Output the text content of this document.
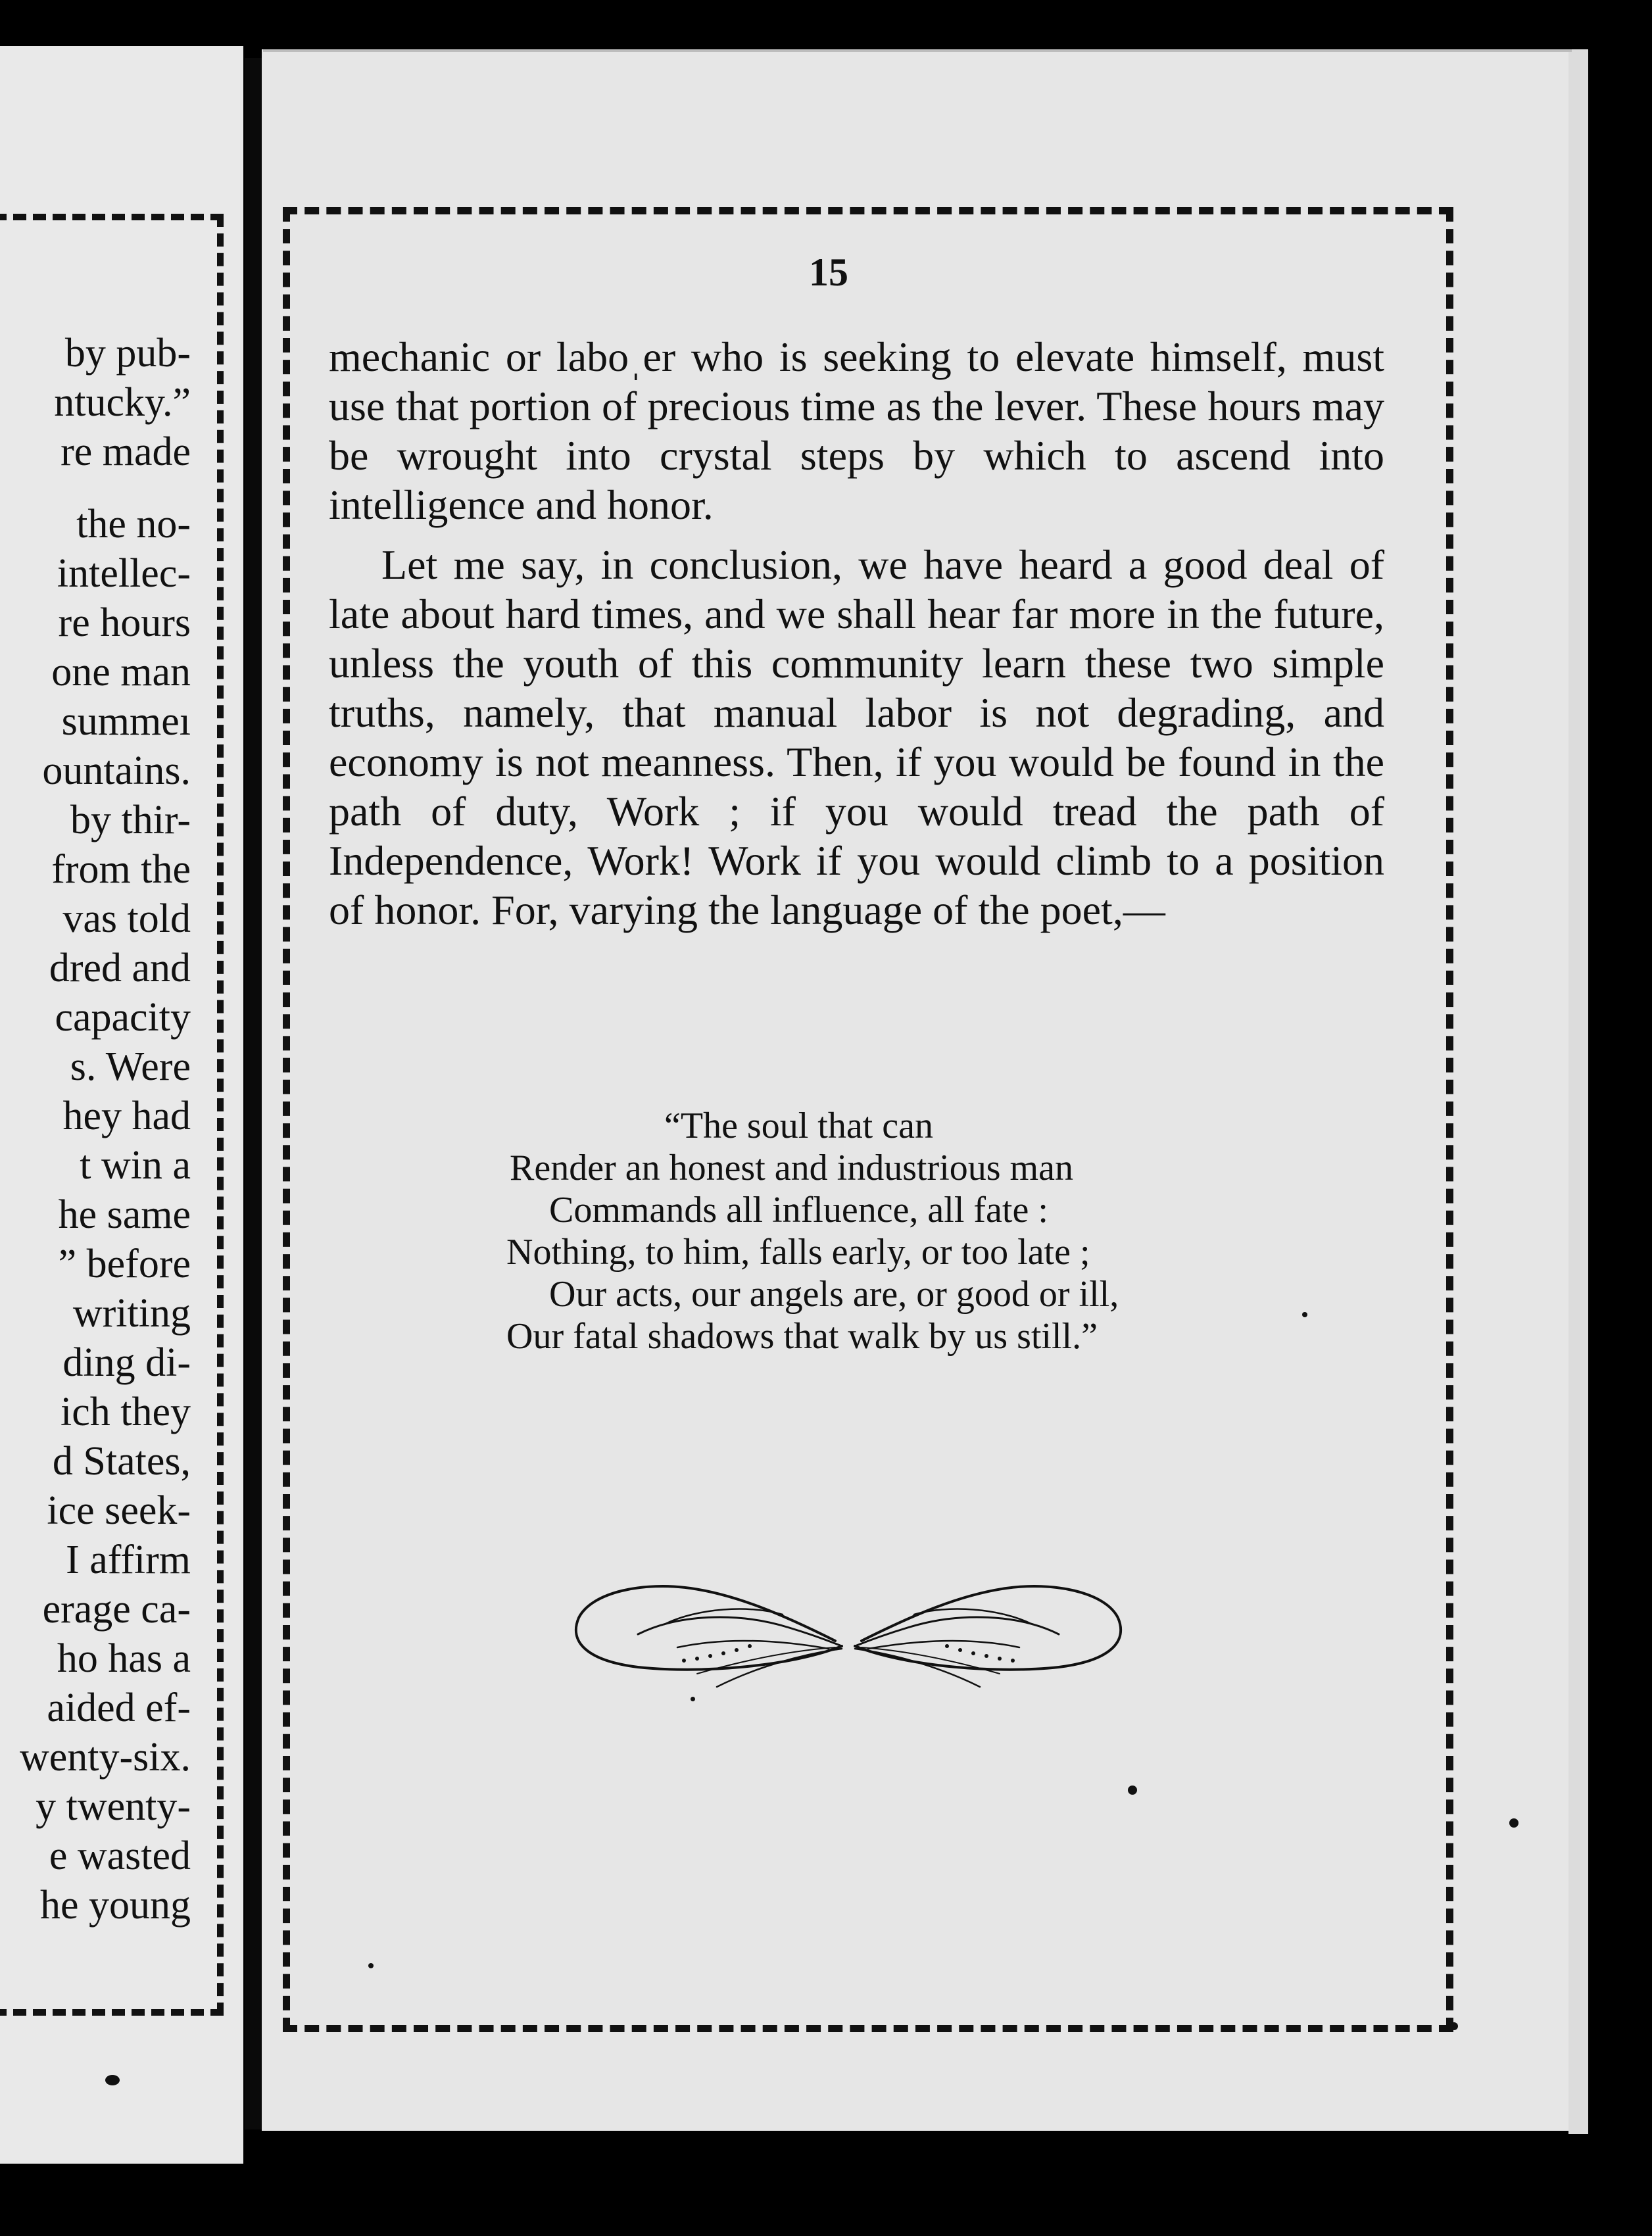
by pub-
ntucky.”
re made
the no-
intellec-
re hours
one man
summeı
ountains.
by thir-
from the
vas told
dred and
capacity
s. Were
hey had
t win a
he same
” before
writing
ding di-
ich they
d States,
ice seek-
I affirm
erage ca-
ho has a
aided ef-
wenty-six.
y twenty-
e wasted
he young
15

mechanic or laboˌer who is seeking to elevate himself, must use that portion of precious time as the lever. These hours may be wrought into crystal steps by which to ascend into intelligence and honor.

Let me say, in conclusion, we have heard a good deal of late about hard times, and we shall hear far more in the future, unless the youth of this community learn these two simple truths, namely, that manual labor is not degrading, and economy is not meanness. Then, if you would be found in the path of duty, Work ; if you would tread the path of Independence, Work! Work if you would climb to a position of honor. For, varying the language of the poet,—

“The soul that can
Render an honest and industrious man
Commands all influence, all fate :
Nothing, to him, falls early, or too late ;
Our acts, our angels are, or good or ill,
Our fatal shadows that walk by us still.”
